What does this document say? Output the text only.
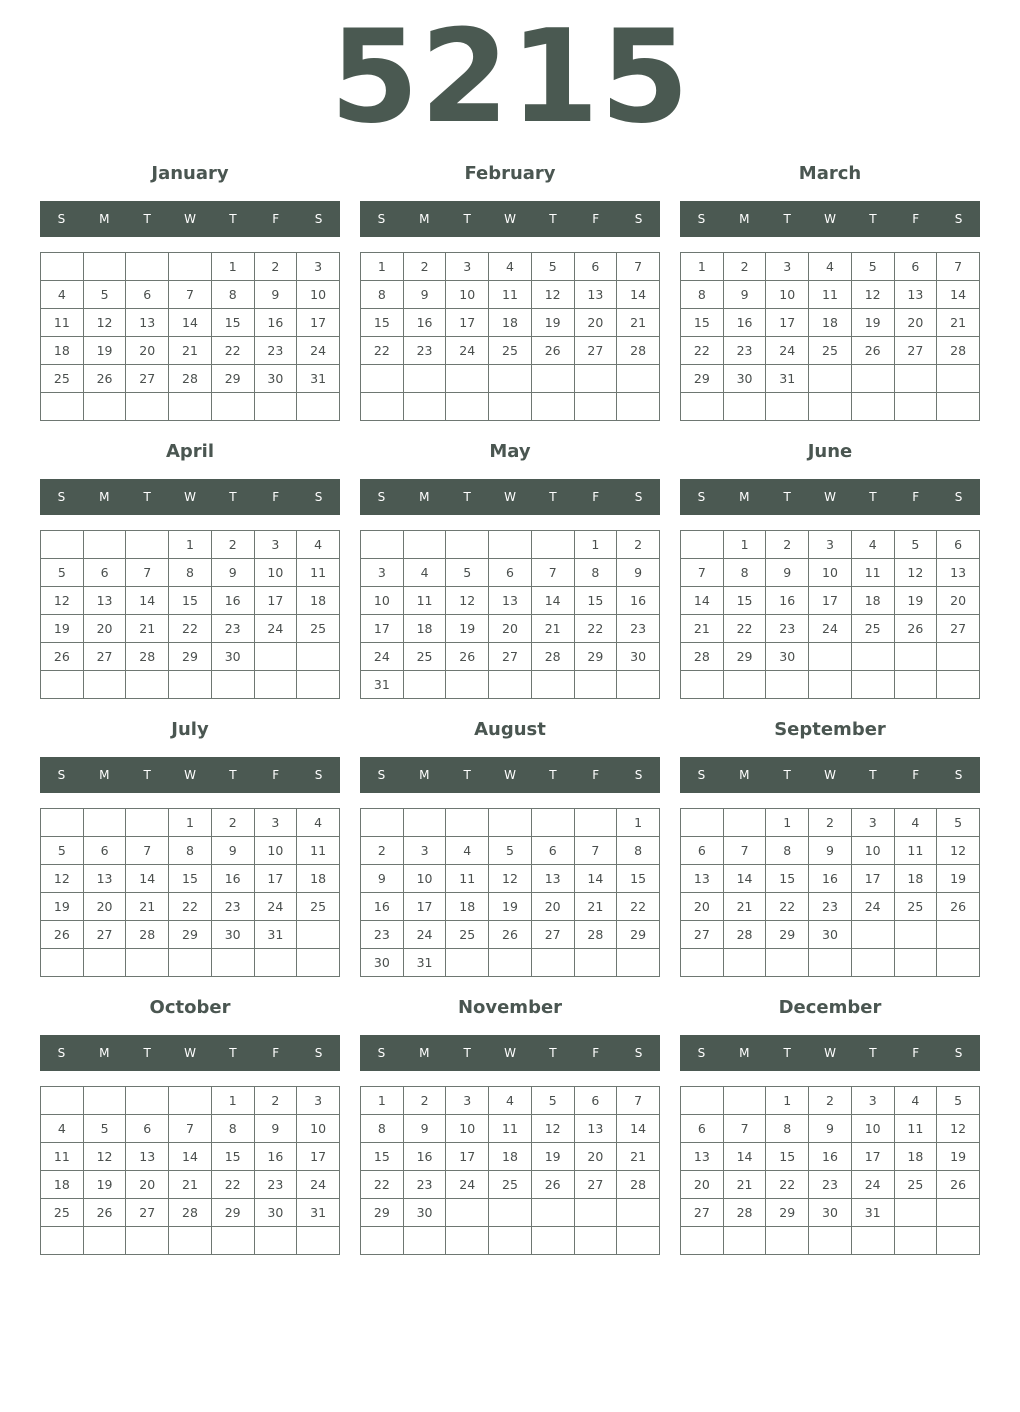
5215
January
S	M	T	W	T	F	S
				1	2	3
4	5	6	7	8	9	10
11	12	13	14	15	16	17
18	19	20	21	22	23	24
25	26	27	28	29	30	31

February
S	M	T	W	T	F	S
1	2	3	4	5	6	7
8	9	10	11	12	13	14
15	16	17	18	19	20	21
22	23	24	25	26	27	28

March
S	M	T	W	T	F	S
1	2	3	4	5	6	7
8	9	10	11	12	13	14
15	16	17	18	19	20	21
22	23	24	25	26	27	28
29	30	31				

April
S	M	T	W	T	F	S
			1	2	3	4
5	6	7	8	9	10	11
12	13	14	15	16	17	18
19	20	21	22	23	24	25
26	27	28	29	30		

May
S	M	T	W	T	F	S
					1	2
3	4	5	6	7	8	9
10	11	12	13	14	15	16
17	18	19	20	21	22	23
24	25	26	27	28	29	30
31						
June
S	M	T	W	T	F	S
	1	2	3	4	5	6
7	8	9	10	11	12	13
14	15	16	17	18	19	20
21	22	23	24	25	26	27
28	29	30				

July
S	M	T	W	T	F	S
			1	2	3	4
5	6	7	8	9	10	11
12	13	14	15	16	17	18
19	20	21	22	23	24	25
26	27	28	29	30	31	

August
S	M	T	W	T	F	S
						1
2	3	4	5	6	7	8
9	10	11	12	13	14	15
16	17	18	19	20	21	22
23	24	25	26	27	28	29
30	31					
September
S	M	T	W	T	F	S
		1	2	3	4	5
6	7	8	9	10	11	12
13	14	15	16	17	18	19
20	21	22	23	24	25	26
27	28	29	30			

October
S	M	T	W	T	F	S
				1	2	3
4	5	6	7	8	9	10
11	12	13	14	15	16	17
18	19	20	21	22	23	24
25	26	27	28	29	30	31

November
S	M	T	W	T	F	S
1	2	3	4	5	6	7
8	9	10	11	12	13	14
15	16	17	18	19	20	21
22	23	24	25	26	27	28
29	30					

December
S	M	T	W	T	F	S
		1	2	3	4	5
6	7	8	9	10	11	12
13	14	15	16	17	18	19
20	21	22	23	24	25	26
27	28	29	30	31		
